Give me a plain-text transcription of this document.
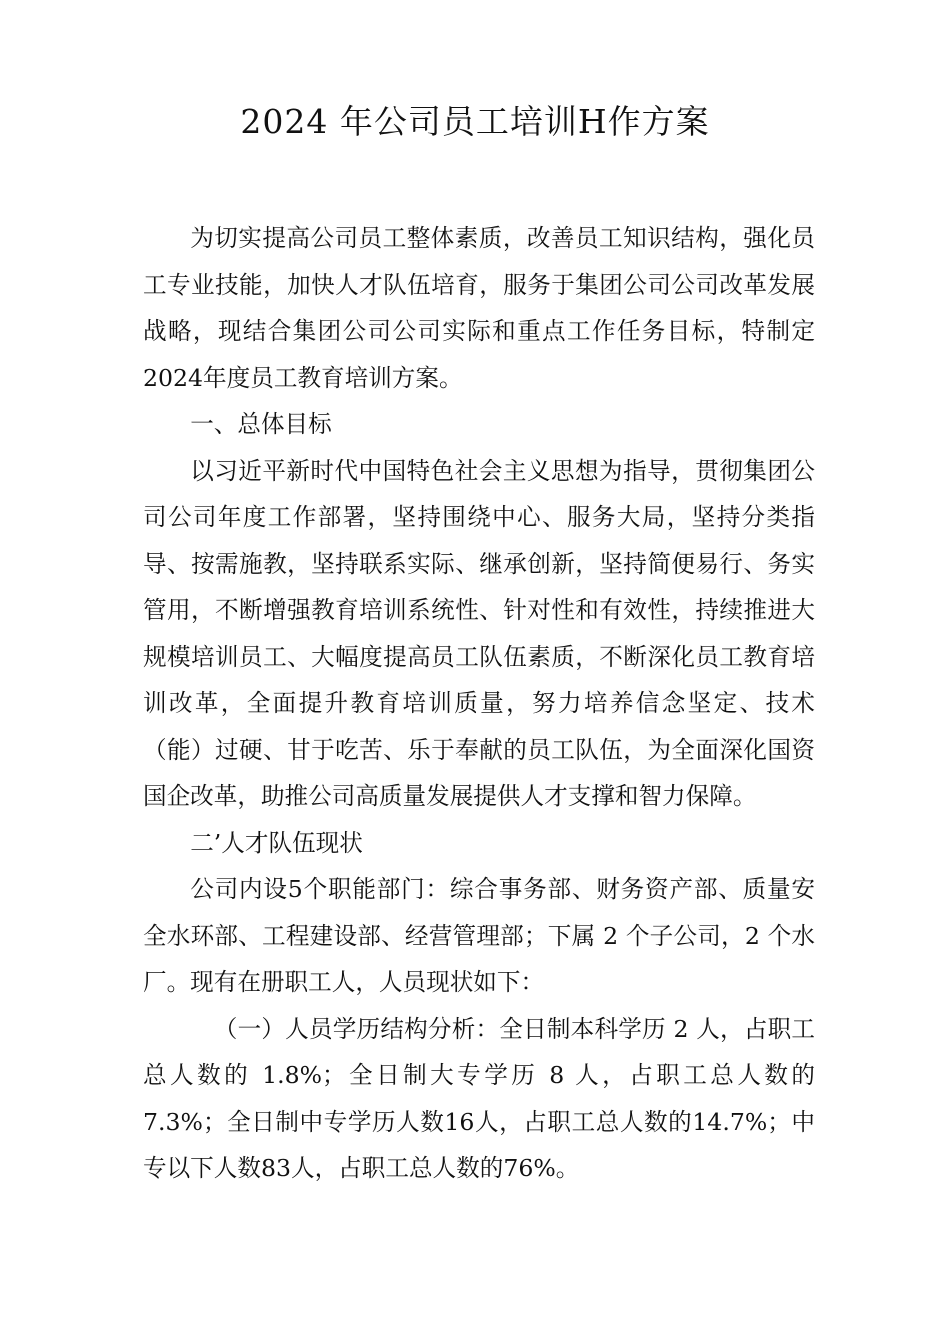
2024 年公司员工培训H作方案

为切实提高公司员工整体素质，改善员工知识结构，强化员工专业技能，加快人才队伍培育，服务于集团公司公司改革发展战略，现结合集团公司公司实际和重点工作任务目标，特制定2024年度员工教育培训方案。

一、总体目标

以习近平新时代中国特色社会主义思想为指导，贯彻集团公司公司年度工作部署，坚持围绕中心、服务大局，坚持分类指导、按需施教，坚持联系实际、继承创新，坚持简便易行、务实管用，不断增强教育培训系统性、针对性和有效性，持续推进大规模培训员工、大幅度提高员工队伍素质，不断深化员工教育培训改革，全面提升教育培训质量，努力培养信念坚定、技术（能）过硬、甘于吃苦、乐于奉献的员工队伍，为全面深化国资国企改革，助推公司高质量发展提供人才支撑和智力保障。

二’人才队伍现状

公司内设5个职能部门：综合事务部、财务资产部、质量安全水环部、工程建设部、经营管理部；下属 2 个子公司，2 个水厂。现有在册职工人，人员现状如下：

（一）人员学历结构分析：全日制本科学历 2 人，占职工总人数的 1.8%；全日制大专学历 8 人，占职工总人数的 7.3%；全日制中专学历人数16人，占职工总人数的14.7%；中专以下人数83人，占职工总人数的76%。
